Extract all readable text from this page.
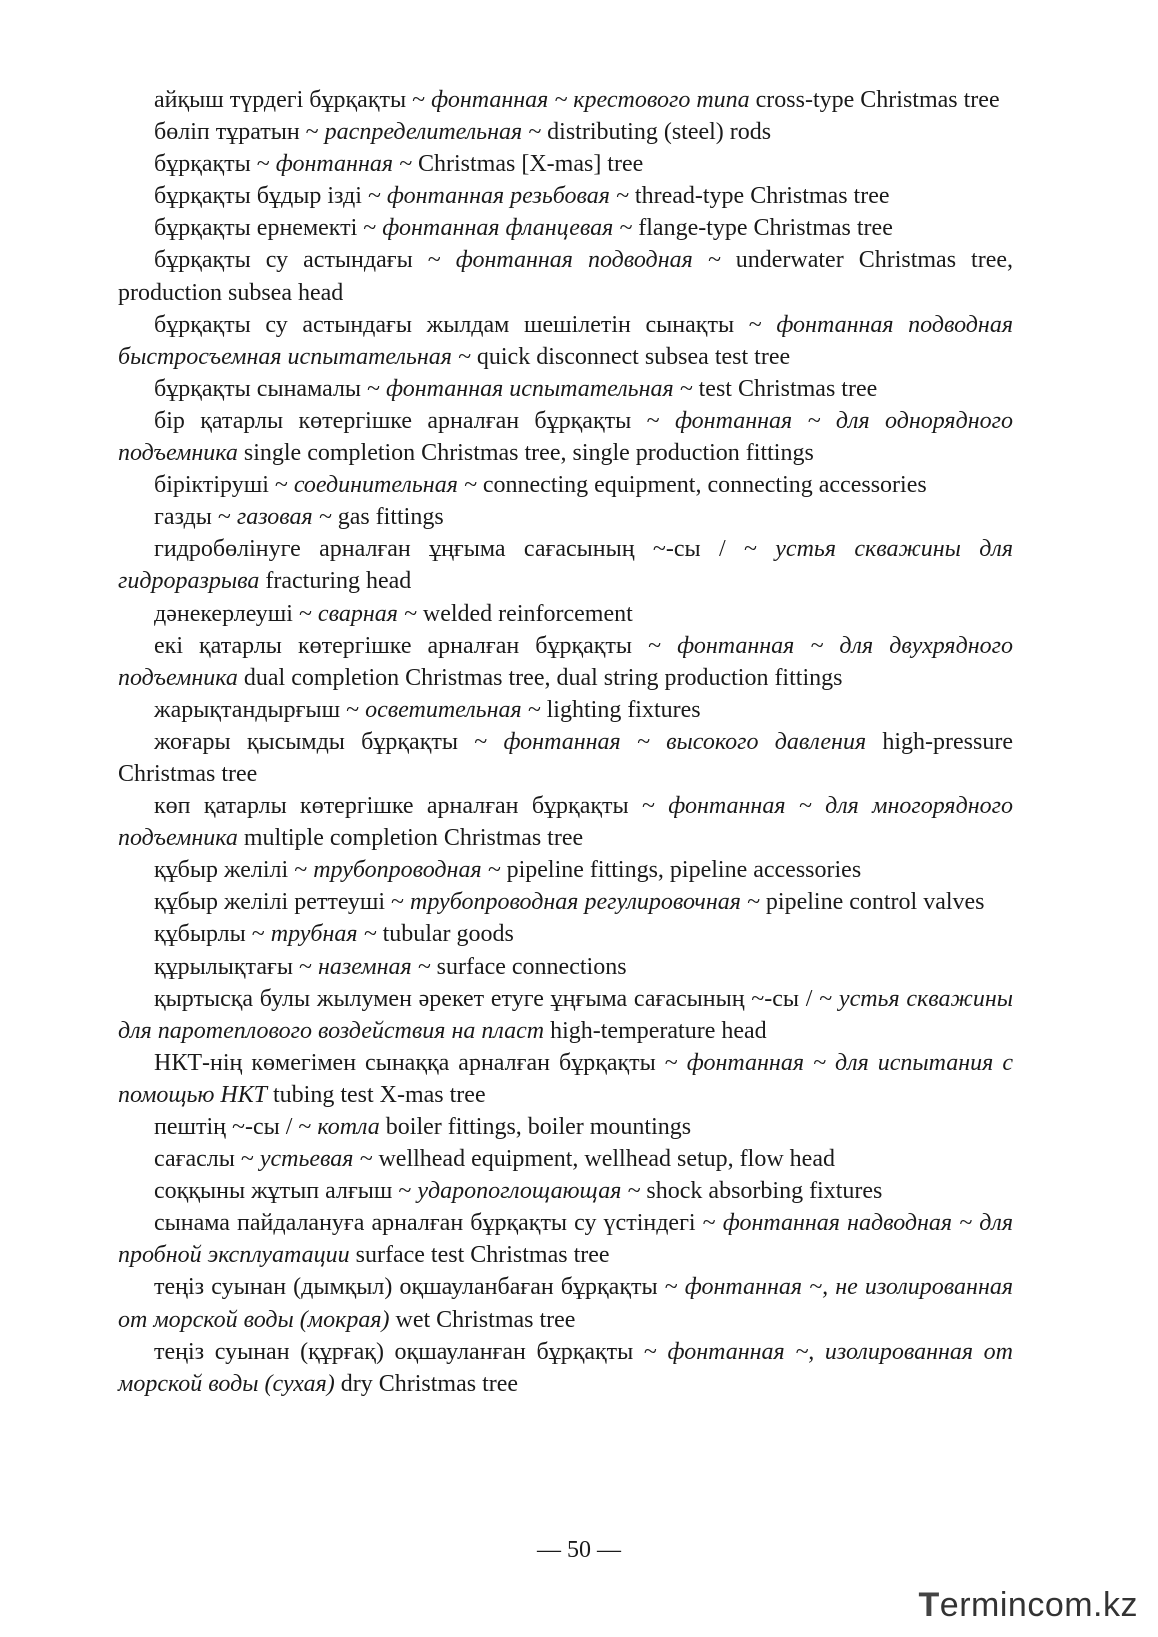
айқыш түрдегі бұрқақты ~ фонтанная ~ крестового типа cross-type Christmas tree

бөліп тұратын ~ распределительная ~ distributing (steel) rods

бұрқақты ~ фонтанная ~ Christmas [X-mas] tree

бұрқақты бұдыр ізді ~ фонтанная резьбовая ~ thread-type Christmas tree

бұрқақты ернемекті ~ фонтанная фланцевая ~ flange-type Christmas tree

бұрқақты су астындағы ~ фонтанная подводная ~ underwater Christmas tree, production subsea head

бұрқақты су астындағы жылдам шешілетін сынақты ~ фонтанная подводная быстросъемная испытательная ~ quick disconnect subsea test tree

бұрқақты сынамалы ~ фонтанная испытательная ~ test Christmas tree

бір қатарлы көтергішке арналған бұрқақты ~ фонтанная ~ для однорядного подъемника single completion Christmas tree, single production fittings

біріктіруші ~ соединительная ~ connecting equipment, connecting accessories

газды ~ газовая ~ gas fittings

гидробөлінуге арналған ұңғыма сағасының ~-сы / ~ устья скважины для гидроразрыва fracturing head

дәнекерлеуші ~ сварная ~ welded reinforcement

екі қатарлы көтергішке арналған бұрқақты ~ фонтанная ~ для двухрядного подъемника dual completion Christmas tree, dual string production fittings

жарықтандырғыш ~ осветительная ~ lighting fixtures

жоғары қысымды бұрқақты ~ фонтанная ~ высокого давления high-pressure Christmas tree

көп қатарлы көтергішке арналған бұрқақты ~ фонтанная ~ для многорядного подъемника multiple completion Christmas tree

құбыр желілі ~ трубопроводная ~ pipeline fittings, pipeline accessories

құбыр желілі реттеуші ~ трубопроводная регулировочная ~ pipeline control valves

құбырлы ~ трубная ~ tubular goods

құрылықтағы ~ наземная ~ surface connections

қыртысқа булы жылумен әрекет етуге ұңғыма сағасының ~-сы / ~ устья скважины для паротеплового воздействия на пласт high-temperature head

НКТ-нің көмегімен сынаққа арналған бұрқақты ~ фонтанная ~ для испытания с помощью НКТ tubing test X-mas tree

пештің ~-сы / ~ котла boiler fittings, boiler mountings

сағаслы ~ устьевая ~ wellhead equipment, wellhead setup, flow head

соққыны жұтып алғыш ~ ударопоглощающая ~ shock absorbing fixtures

сынама пайдалануға арналған бұрқақты су үстіндегі ~ фонтанная надводная ~ для пробной эксплуатации surface test Christmas tree

теңіз суынан (дымқыл) оқшауланбаған бұрқақты ~ фонтанная ~, не изолированная от морской воды (мокрая) wet Christmas tree

теңіз суынан (құрғақ) оқшауланған бұрқақты ~ фонтанная ~, изолированная от морской воды (сухая) dry Christmas tree

— 50 —
Termincom.kz
